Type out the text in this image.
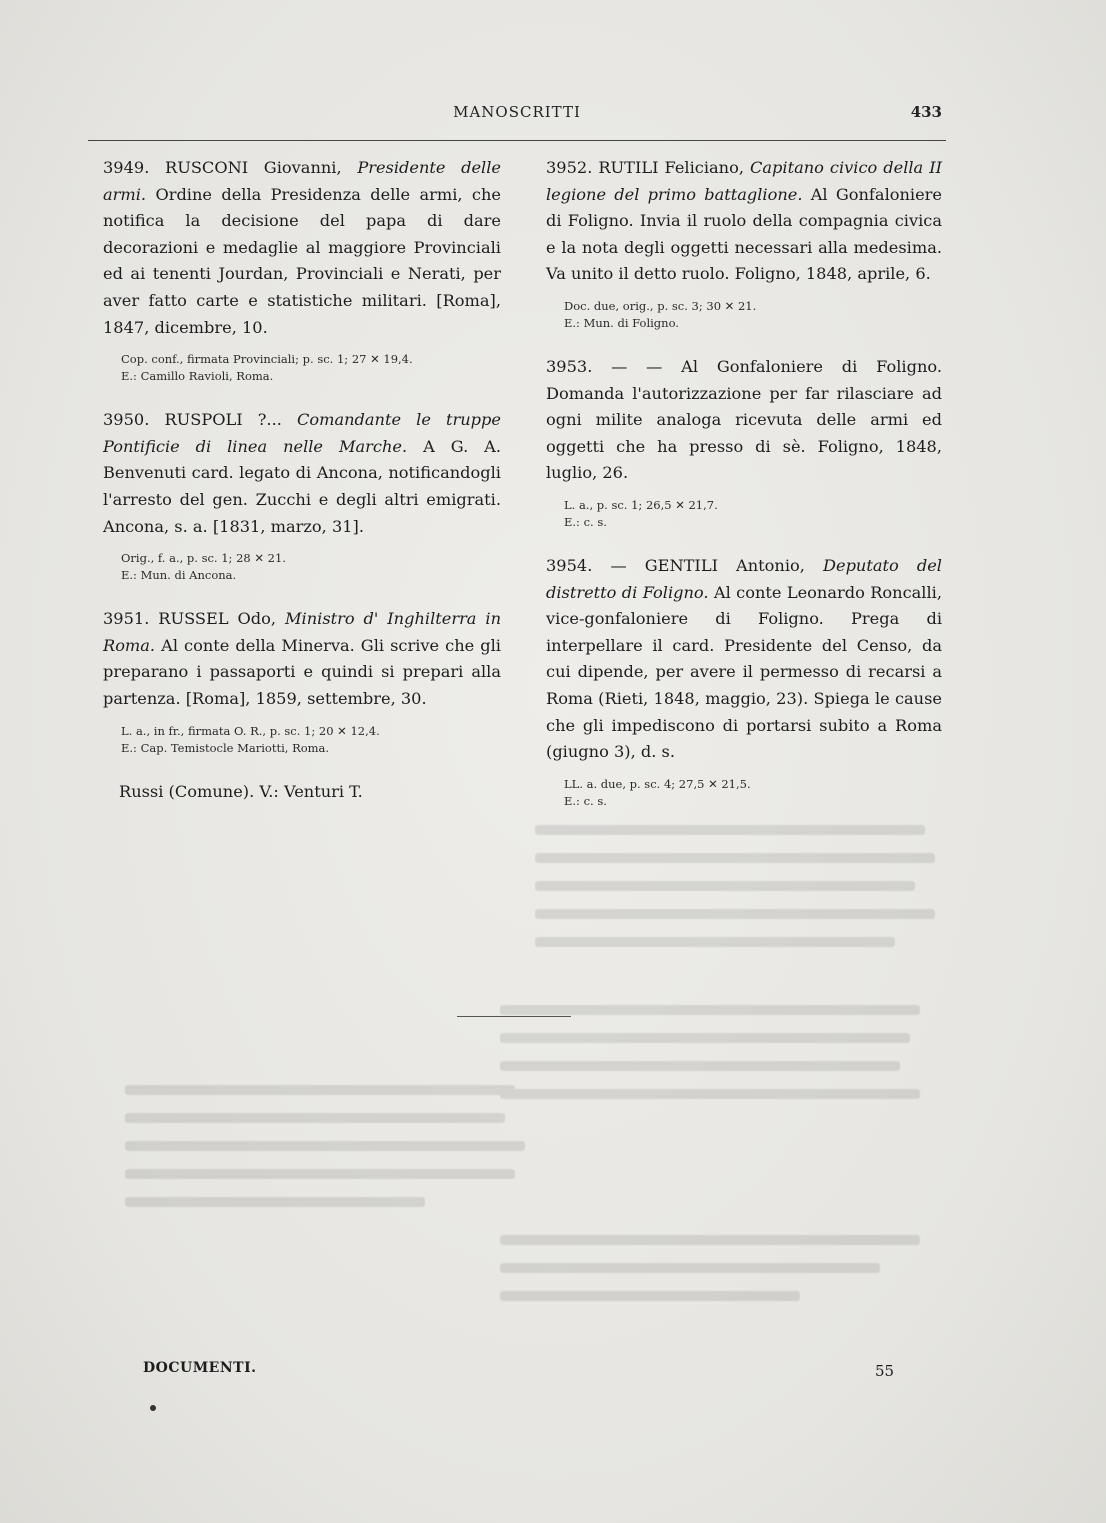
MANOSCRITTI	433

3949. RUSCONI Giovanni, Presidente delle armi. Ordine della Presidenza delle armi, che notifica la decisione del papa di dare decorazioni e medaglie al maggiore Provinciali ed ai tenenti Jourdan, Provinciali e Nerati, per aver fatto carte e statistiche militari. [Roma], 1847, dicembre, 10.

Cop. conf., firmata Provinciali; p. sc. 1; 27 ✕ 19,4.
E.: Camillo Ravioli, Roma.

3950. RUSPOLI ?... Comandante le truppe Pontificie di linea nelle Marche. A G. A. Benvenuti card. legato di Ancona, notificandogli l'arresto del gen. Zucchi e degli altri emigrati. Ancona, s. a. [1831, marzo, 31].

Orig., f. a., p. sc. 1; 28 ✕ 21.
E.: Mun. di Ancona.

3951. RUSSEL Odo, Ministro d' Inghilterra in Roma. Al conte della Minerva. Gli scrive che gli preparano i passaporti e quindi si prepari alla partenza. [Roma], 1859, settembre, 30.

L. a., in fr., firmata O. R., p. sc. 1; 20 ✕ 12,4.
E.: Cap. Temistocle Mariotti, Roma.
Russi (Comune). V.: Venturi T.

3952. RUTILI Feliciano, Capitano civico della II legione del primo battaglione. Al Gonfaloniere di Foligno. Invia il ruolo della compagnia civica e la nota degli oggetti necessari alla medesima. Va unito il detto ruolo. Foligno, 1848, aprile, 6.

Doc. due, orig., p. sc. 3; 30 ✕ 21.
E.: Mun. di Foligno.

3953. — — Al Gonfaloniere di Foligno. Domanda l'autorizzazione per far rilasciare ad ogni milite analoga ricevuta delle armi ed oggetti che ha presso di sè. Foligno, 1848, luglio, 26.

L. a., p. sc. 1; 26,5 ✕ 21,7.
E.: c. s.

3954. — GENTILI Antonio, Deputato del distretto di Foligno. Al conte Leonardo Roncalli, vice-gonfaloniere di Foligno. Prega di interpellare il card. Presidente del Censo, da cui dipende, per avere il permesso di recarsi a Roma (Rieti, 1848, maggio, 23). Spiega le cause che gli impediscono di portarsi subito a Roma (giugno 3), d. s.

LL. a. due, p. sc. 4; 27,5 ✕ 21,5.
E.: c. s.
DOCUMENTI.	55
